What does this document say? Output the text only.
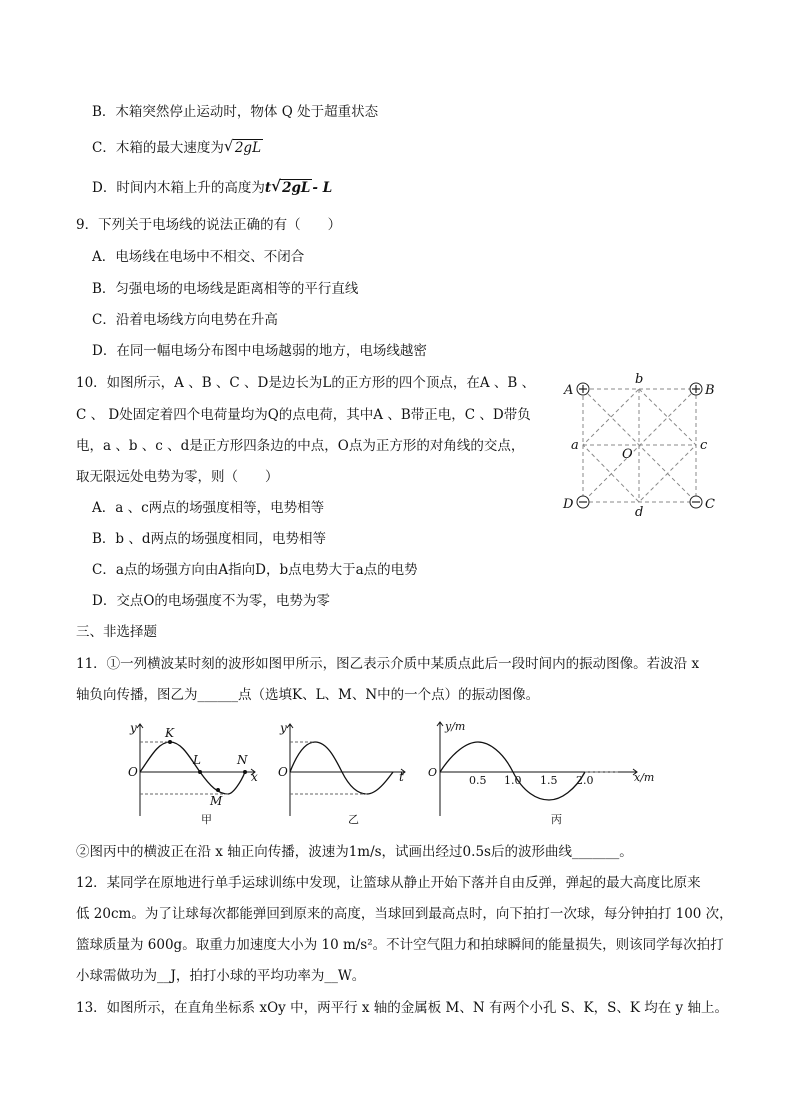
B．木箱突然停止运动时，物体 Q 处于超重状态
C．木箱的最大速度为 √ 2gL
D．时间内木箱上升的高度为t √ 2gL - L
9．下列关于电场线的说法正确的有（　　）
A．电场线在电场中不相交、不闭合
B．匀强电场的电场线是距离相等的平行直线
C．沿着电场线方向电势在升高
D．在同一幅电场分布图中电场越弱的地方，电场线越密
10．如图所示，A 、B 、C 、D是边长为L的正方形的四个顶点，在A 、B 、
C 、 D处固定着四个电荷量均为Q的点电荷，其中A 、B带正电，C 、D带负
电，a 、b 、c 、d是正方形四条边的中点，O点为正方形的对角线的交点，
取无限远处电势为零，则（　　）
A．a 、c两点的场强度相等，电势相等
B．b 、d两点的场强度相同，电势相等
C．a点的场强方向由A指向D，b点电势大于a点的电势
D．交点O的电场强度不为零，电势为零
A	B
C
D
b
c
a
d
O
三、非选择题
11．①一列横波某时刻的波形如图甲所示，图乙表示介质中某质点此后一段时间内的振动图像。若波沿 x
轴负向传播，图乙为______点（选填K、L、M、N中的一个点）的振动图像。
y
O	x
K
L
M
N
甲
y
O	t
乙
y/m
O	x/m
0.5 1.0 1.5 2.0
丙
②图丙中的横波正在沿 x 轴正向传播，波速为1m/s，试画出经过0.5s后的波形曲线_______。
12．某同学在原地进行单手运球训练中发现，让篮球从静止开始下落并自由反弹，弹起的最大高度比原来
低 20cm。为了让球每次都能弹回到原来的高度，当球回到最高点时，向下拍打一次球，每分钟拍打 100 次，
篮球质量为 600g。取重力加速度大小为 10 m/s²。不计空气阻力和拍球瞬间的能量损失，则该同学每次拍打
小球需做功为__J，拍打小球的平均功率为__W。
13．如图所示，在直角坐标系 xOy 中，两平行 x 轴的金属板 M、N 有两个小孔 S、K，S、K 均在 y 轴上。
